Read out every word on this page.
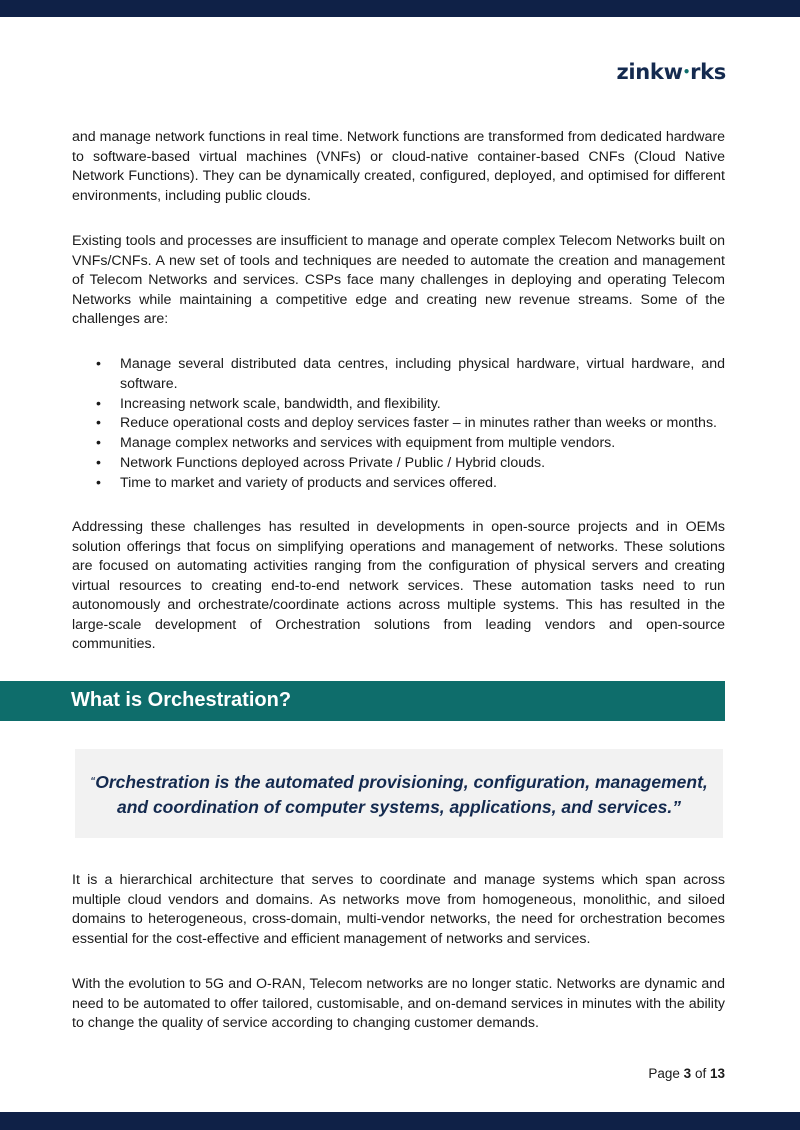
zinkw•rks

and manage network functions in real time. Network functions are transformed from dedicated hardware to software-based virtual machines (VNFs) or cloud-native container-based CNFs (Cloud Native Network Functions). They can be dynamically created, configured, deployed, and optimised for different environments, including public clouds.

Existing tools and processes are insufficient to manage and operate complex Telecom Networks built on VNFs/CNFs. A new set of tools and techniques are needed to automate the creation and management of Telecom Networks and services. CSPs face many challenges in deploying and operating Telecom Networks while maintaining a competitive edge and creating new revenue streams. Some of the challenges are:

• Manage several distributed data centres, including physical hardware, virtual hardware, and software.
• Increasing network scale, bandwidth, and flexibility.
• Reduce operational costs and deploy services faster – in minutes rather than weeks or months.
• Manage complex networks and services with equipment from multiple vendors.
• Network Functions deployed across Private / Public / Hybrid clouds.
• Time to market and variety of products and services offered.

Addressing these challenges has resulted in developments in open-source projects and in OEMs solution offerings that focus on simplifying operations and management of networks. These solutions are focused on automating activities ranging from the configuration of physical servers and creating virtual resources to creating end-to-end network services. These automation tasks need to run autonomously and orchestrate/coordinate actions across multiple systems. This has resulted in the large-scale development of Orchestration solutions from leading vendors and open-source communities.

What is Orchestration?

“Orchestration is the automated provisioning, configuration, management, and coordination of computer systems, applications, and services.”

It is a hierarchical architecture that serves to coordinate and manage systems which span across multiple cloud vendors and domains. As networks move from homogeneous, monolithic, and siloed domains to heterogeneous, cross-domain, multi-vendor networks, the need for orchestration becomes essential for the cost-effective and efficient management of networks and services.

With the evolution to 5G and O-RAN, Telecom networks are no longer static. Networks are dynamic and need to be automated to offer tailored, customisable, and on-demand services in minutes with the ability to change the quality of service according to changing customer demands.

Page 3 of 13
